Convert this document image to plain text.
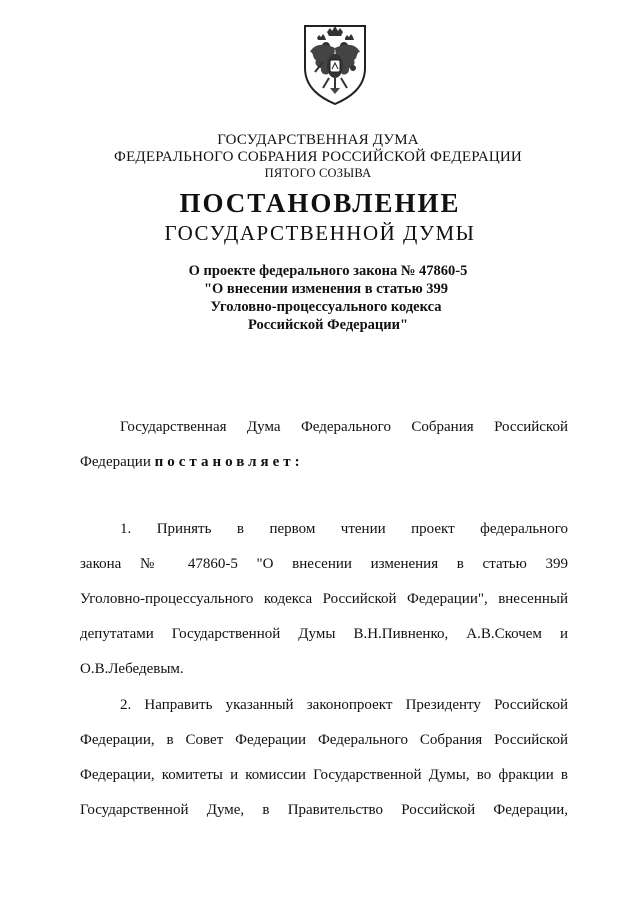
ГОСУДАРСТВЕННАЯ ДУМА
ФЕДЕРАЛЬНОГО СОБРАНИЯ РОССИЙСКОЙ ФЕДЕРАЦИИ
ПЯТОГО СОЗЫВА
ПОСТАНОВЛЕНИЕ
ГОСУДАРСТВЕННОЙ ДУМЫ
О проекте федерального закона № 47860-5
"О внесении изменения в статью 399
Уголовно-процессуального кодекса
Российской Федерации"
Государственная Дума Федерального Собрания Российской
Федерации постановляет:
1. Принять в первом чтении проект федерального
закона № 47860-5 "О внесении изменения в статью 399
Уголовно-процессуального кодекса Российской Федерации", внесенный
депутатами Государственной Думы В.Н.Пивненко, А.В.Скочем и
О.В.Лебедевым.
2. Направить указанный законопроект Президенту Российской
Федерации, в Совет Федерации Федерального Собрания Российской
Федерации, комитеты и комиссии Государственной Думы, во фракции в
Государственной Думе, в Правительство Российской Федерации,
